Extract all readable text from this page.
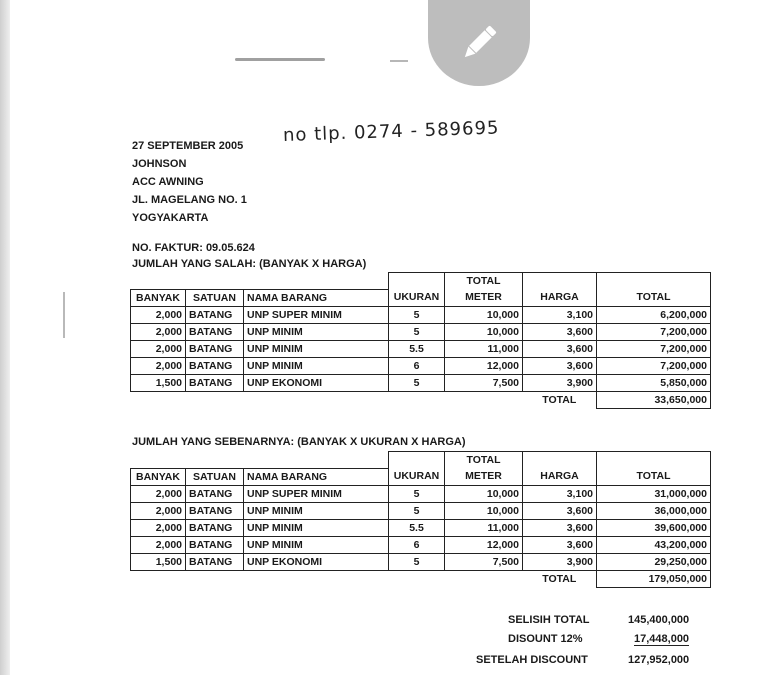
27 SEPTEMBER 2005
JOHNSON
ACC AWNING
JL. MAGELANG NO. 1
YOGYAKARTA
no tlp. 0274 - 589695
NO. FAKTUR: 09.05.624
JUMLAH YANG SALAH: (BANYAK X HARGA)
				TOTAL		
BANYAK	SATUAN	NAMA BARANG	UKURAN	METER	HARGA	TOTAL
2,000	BATANG	UNP SUPER MINIM	5	10,000	3,100	6,200,000
2,000	BATANG	UNP MINIM	5	10,000	3,600	7,200,000
2,000	BATANG	UNP MINIM	5.5	11,000	3,600	7,200,000
2,000	BATANG	UNP MINIM	6	12,000	3,600	7,200,000
1,500	BATANG	UNP EKONOMI	5	7,500	3,900	5,850,000
					TOTAL	33,650,000
JUMLAH YANG SEBENARNYA: (BANYAK X UKURAN X HARGA)
				TOTAL		
BANYAK	SATUAN	NAMA BARANG	UKURAN	METER	HARGA	TOTAL
2,000	BATANG	UNP SUPER MINIM	5	10,000	3,100	31,000,000
2,000	BATANG	UNP MINIM	5	10,000	3,600	36,000,000
2,000	BATANG	UNP MINIM	5.5	11,000	3,600	39,600,000
2,000	BATANG	UNP MINIM	6	12,000	3,600	43,200,000
1,500	BATANG	UNP EKONOMI	5	7,500	3,900	29,250,000
					TOTAL	179,050,000
SELISIH TOTAL	145,400,000
DISOUNT 12%	17,448,000
SETELAH DISCOUNT	127,952,000
